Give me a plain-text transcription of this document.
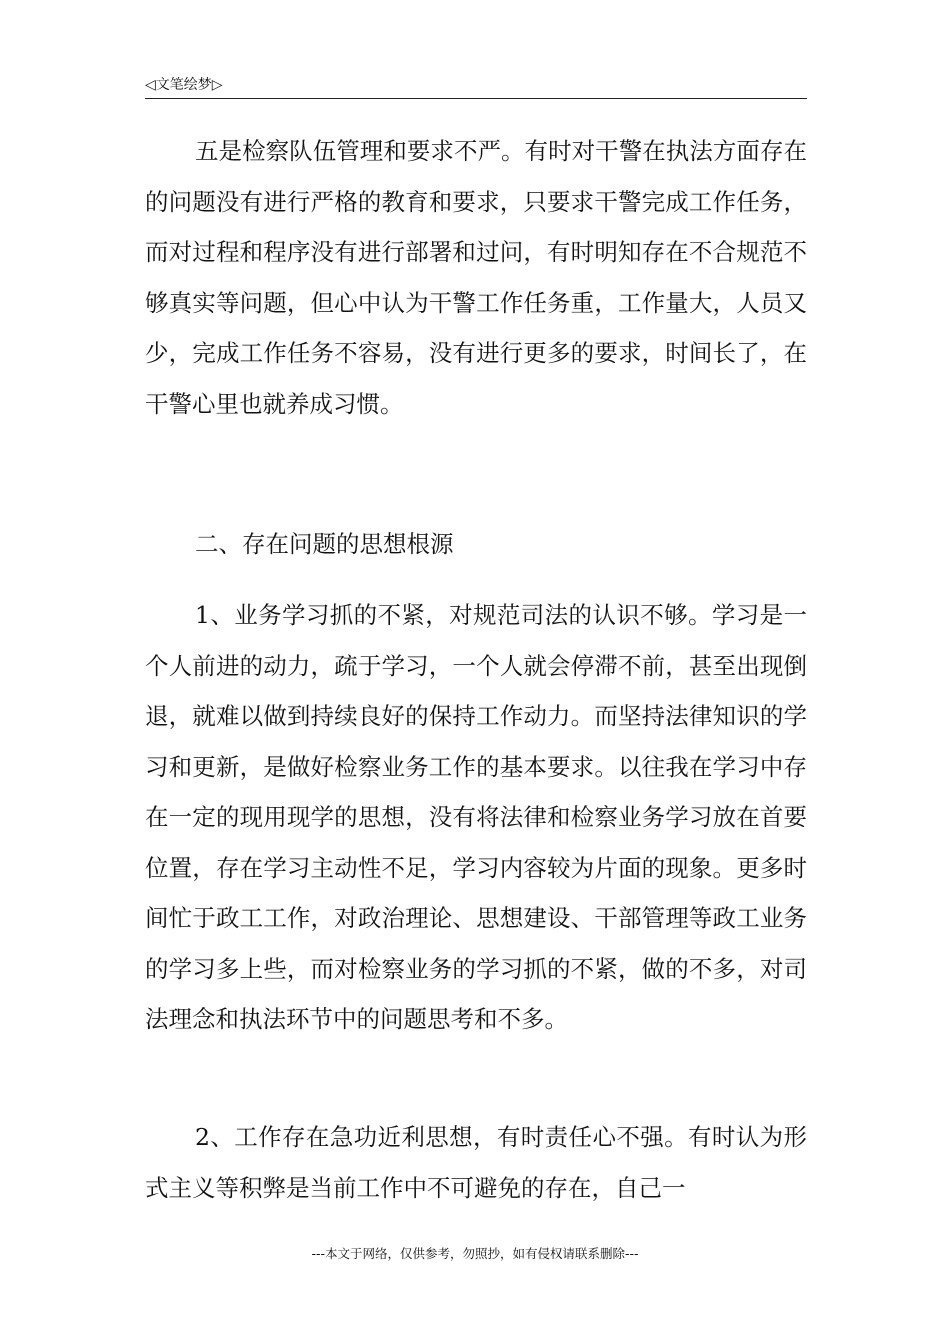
◁文笔绘梦▷

五是检察队伍管理和要求不严。有时对干警在执法方面存在的问题没有进行严格的教育和要求，只要求干警完成工作任务，而对过程和程序没有进行部署和过问，有时明知存在不合规范不够真实等问题，但心中认为干警工作任务重，工作量大，人员又少，完成工作任务不容易，没有进行更多的要求，时间长了，在干警心里也就养成习惯。

二、存在问题的思想根源

1、业务学习抓的不紧，对规范司法的认识不够。学习是一个人前进的动力，疏于学习，一个人就会停滞不前，甚至出现倒退，就难以做到持续良好的保持工作动力。而坚持法律知识的学习和更新，是做好检察业务工作的基本要求。以往我在学习中存在一定的现用现学的思想，没有将法律和检察业务学习放在首要位置，存在学习主动性不足，学习内容较为片面的现象。更多时间忙于政工工作，对政治理论、思想建设、干部管理等政工业务的学习多上些，而对检察业务的学习抓的不紧，做的不多，对司法理念和执法环节中的问题思考和不多。

2、工作存在急功近利思想，有时责任心不强。有时认为形式主义等积弊是当前工作中不可避免的存在，自己一

---本文于网络，仅供参考，勿照抄，如有侵权请联系删除---
